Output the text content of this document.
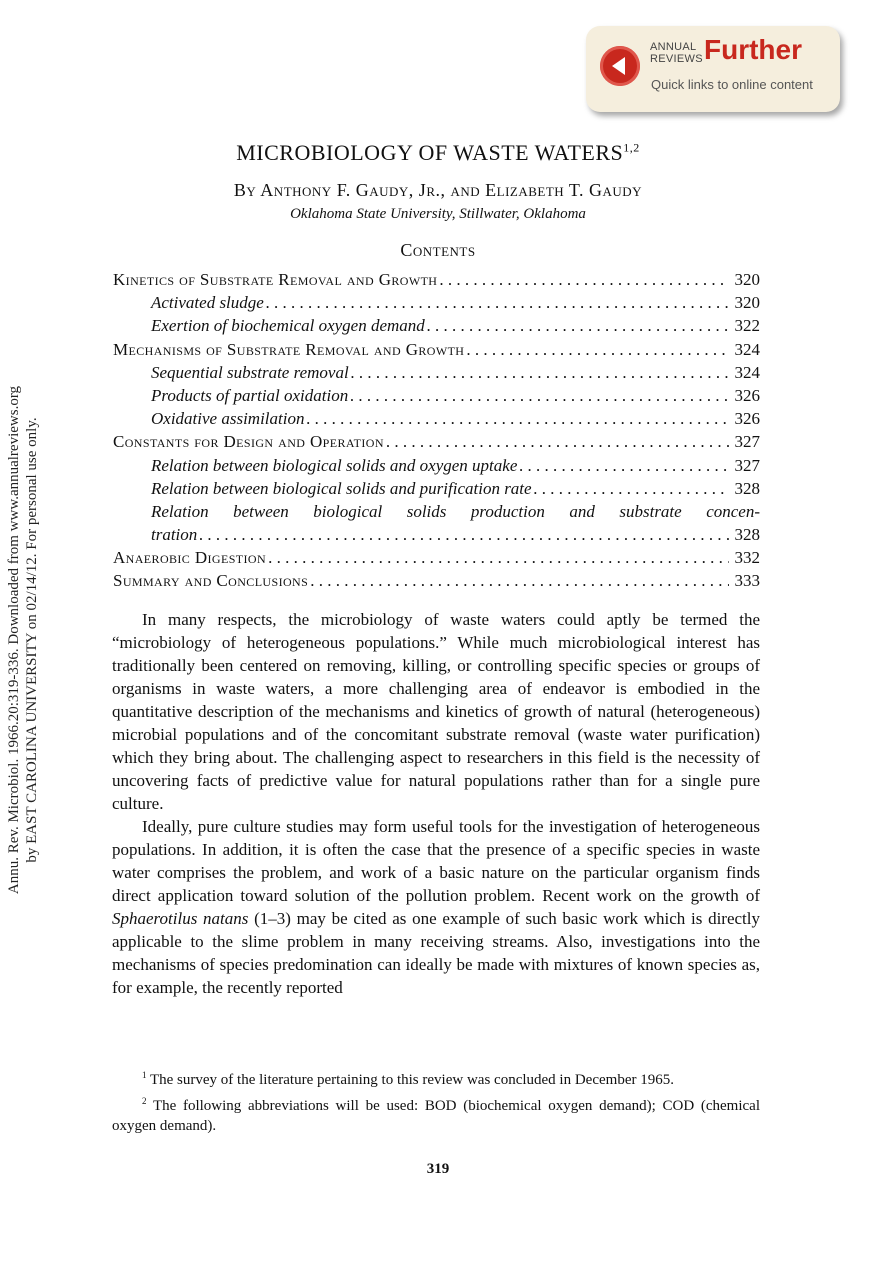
ANNUAL
REVIEWS Further
Quick links to online content
Annu. Rev. Microbiol. 1966.20:319-336. Downloaded from www.annualreviews.org by EAST CAROLINA UNIVERSITY on 02/14/12. For personal use only.
MICROBIOLOGY OF WASTE WATERS$^{1,2}$
By Anthony F. Gaudy, Jr., and Elizabeth T. Gaudy
Oklahoma State University, Stillwater, Oklahoma
Contents
Kinetics of Substrate Removal and Growth . . .	320
Activated sludge . . .	320
Exertion of biochemical oxygen demand . . .	322
Mechanisms of Substrate Removal and Growth . . .	324
Sequential substrate removal . . .	324
Products of partial oxidation . . .	326
Oxidative assimilation . . .	326
Constants for Design and Operation . . .	327
Relation between biological solids and oxygen uptake . . .	327
Relation between biological solids and purification rate . . .	328
Relation between biological solids production and substrate concen-
tration . . .	328
Anaerobic Digestion . . .	332
Summary and Conclusions . . .	333

In many respects, the microbiology of waste waters could aptly be termed the “microbiology of heterogeneous populations.” While much microbiological interest has traditionally been centered on removing, killing, or controlling specific species or groups of organisms in waste waters, a more challenging area of endeavor is embodied in the quantitative description of the mechanisms and kinetics of growth of natural (heterogeneous) microbial populations and of the concomitant substrate removal (waste water purification) which they bring about. The challenging aspect to researchers in this field is the necessity of uncovering facts of predictive value for natural populations rather than for a single pure culture.

Ideally, pure culture studies may form useful tools for the investigation of heterogeneous populations. In addition, it is often the case that the presence of a specific species in waste water comprises the problem, and work of a basic nature on the particular organism finds direct application toward solution of the pollution problem. Recent work on the growth of Sphaerotilus natans (1–3) may be cited as one example of such basic work which is directly applicable to the slime problem in many receiving streams. Also, investigations into the mechanisms of species predomination can ideally be made with mixtures of known species as, for example, the recently reported

$^1$ The survey of the literature pertaining to this review was concluded in December 1965.

$^2$ The following abbreviations will be used: BOD (biochemical oxygen demand); COD (chemical oxygen demand).

319
